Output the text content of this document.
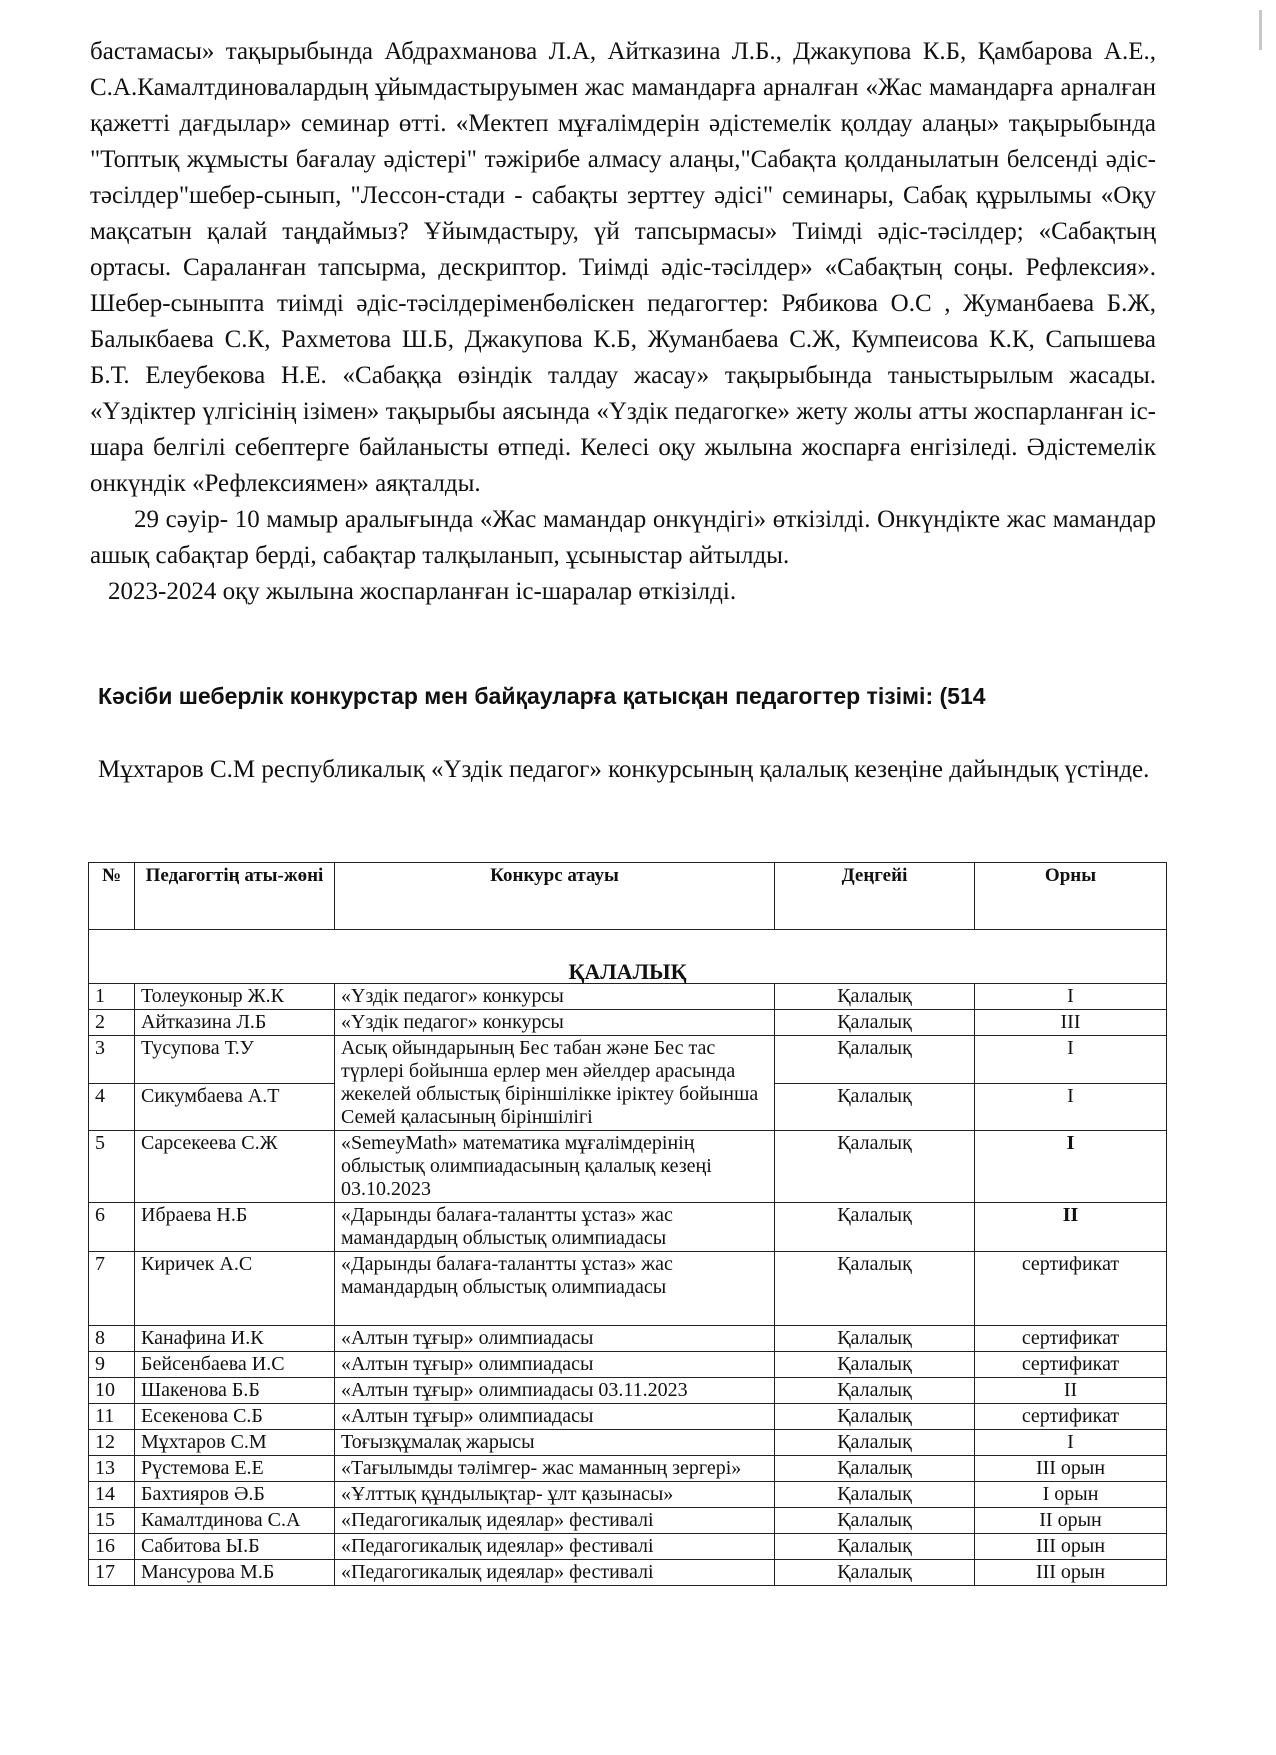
бастамасы» тақырыбында Абдрахманова Л.А, Айтказина Л.Б., Джакупова К.Б, Қамбарова А.Е., С.А.Камалтдиновалардың ұйымдастыруымен жас мамандарға арналған «Жас мамандарға арналған қажетті дағдылар» семинар өтті. «Мектеп мұғалімдерін әдістемелік қолдау алаңы» тақырыбында "Топтық жұмысты бағалау әдістері" тәжірибе алмасу алаңы,"Сабақта қолданылатын белсенді әдіс-тәсілдер"шебер-сынып, "Лессон-стади - сабақты зерттеу әдісі" семинары, Сабақ құрылымы «Оқу мақсатын қалай таңдаймыз? Ұйымдастыру, үй тапсырмасы» Тиімді әдіс-тәсілдер; «Сабақтың ортасы. Сараланған тапсырма, дескриптор. Тиімді әдіс-тәсілдер» «Сабақтың соңы. Рефлексия». Шебер-сыныпта тиімді әдіс-тәсілдеріменбөліскен педагогтер: Рябикова О.С , Жуманбаева Б.Ж, Балыкбаева С.К, Рахметова Ш.Б, Джакупова К.Б, Жуманбаева С.Ж, Кумпеисова К.К, Сапышева Б.Т. Елеубекова Н.Е. «Сабаққа өзіндік талдау жасау» тақырыбында таныстырылым жасады. «Үздіктер үлгісінің ізімен» тақырыбы аясында «Үздік педагогке» жету жолы атты жоспарланған іс-шара белгілі себептерге байланысты өтпеді. Келесі оқу жылына жоспарға енгізіледі. Әдістемелік онкүндік «Рефлексиямен» аяқталды.

29 сәуір- 10 мамыр аралығында «Жас мамандар онкүндігі» өткізілді. Онкүндікте жас мамандар ашық сабақтар берді, сабақтар талқыланып, ұсыныстар айтылды.

2023-2024 оқу жылына жоспарланған іс-шаралар өткізілді.

Кәсіби шеберлік конкурстар мен байқауларға қатысқан педагогтер тізімі: (514

Мұхтаров С.М республикалық «Үздік педагог» конкурсының қалалық кезеңіне дайындық үстінде.

№	Педагогтің аты-жөні	Конкурс атауы	Деңгейі	Орны
ҚАЛАЛЫҚ				
1	Толеуконыр Ж.К	«Үздік педагог» конкурсы	Қалалық	I
2	Айтказина Л.Б	«Үздік педагог» конкурсы	Қалалық	III
3	Тусупова Т.У	Асық ойындарының Бес табан және Бес тас түрлері бойынша ерлер мен әйелдер арасында жекелей облыстық біріншілікке іріктеу бойынша Семей қаласының біріншілігі	Қалалық	I
4	Сикумбаева А.Т		Қалалық	I
5	Сарсекеева С.Ж	«SemeyMath» математика мұғалімдерінің облыстық олимпиадасының қалалық кезеңі 03.10.2023	Қалалық	I
6	Ибраева Н.Б	«Дарынды балаға-талантты ұстаз» жас мамандардың облыстық олимпиадасы	Қалалық	II
7	Киричек А.С	«Дарынды балаға-талантты ұстаз» жас мамандардың облыстық олимпиадасы	Қалалық	сертификат
8	Канафина И.К	«Алтын тұғыр» олимпиадасы	Қалалық	сертификат
9	Бейсенбаева И.С	«Алтын тұғыр» олимпиадасы	Қалалық	сертификат
10	Шакенова Б.Б	«Алтын тұғыр» олимпиадасы 03.11.2023	Қалалық	II
11	Есекенова С.Б	«Алтын тұғыр» олимпиадасы	Қалалық	сертификат
12	Мұхтаров С.М	Тоғызқұмалақ жарысы	Қалалық	I
13	Рүстемова Е.Е	«Тағылымды тәлімгер- жас маманның зергері»	Қалалық	III орын
14	Бахтияров Ә.Б	«Ұлттық құндылықтар- ұлт қазынасы»	Қалалық	I орын
15	Камалтдинова С.А	«Педагогикалық идеялар» фестивалі	Қалалық	II орын
16	Сабитова Ы.Б	«Педагогикалық идеялар» фестивалі	Қалалық	III орын
17	Мансурова М.Б	«Педагогикалық идеялар» фестивалі	Қалалық	III орын
